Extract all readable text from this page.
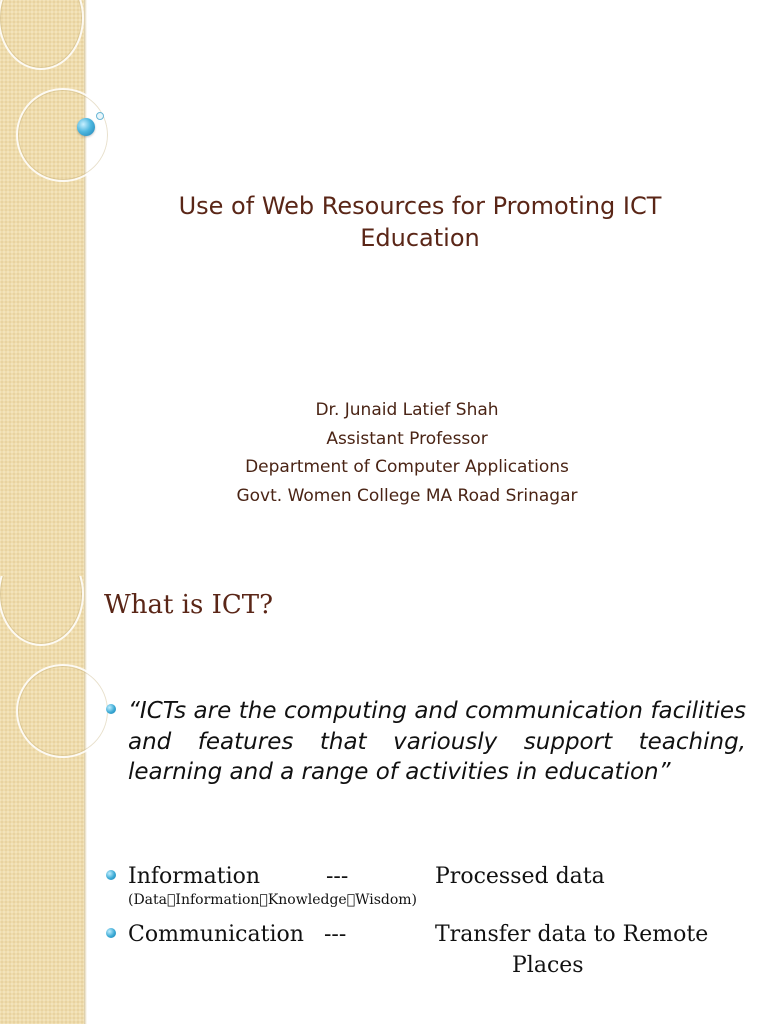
Use of Web Resources for Promoting ICT
Education
Dr. Junaid Latief Shah
Assistant Professor
Department of Computer Applications
Govt. Women College MA Road Srinagar
What is ICT?
“ICTs are the computing and communication facilities and features that variously support teaching, learning and a range of activities in education”
Information	---	Processed data
(Data Information Knowledge Wisdom)
Communication ---	Transfer data to Remote
Places
